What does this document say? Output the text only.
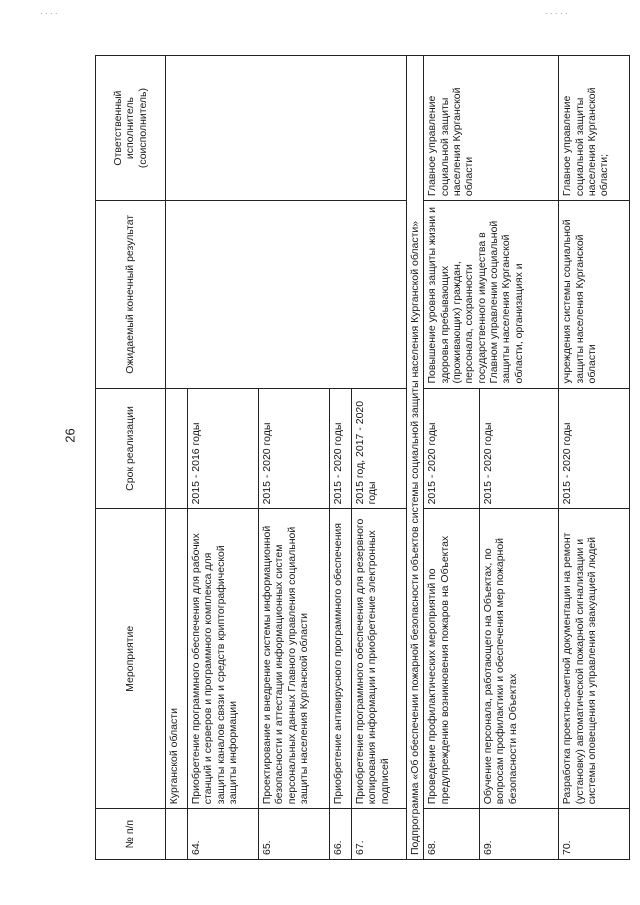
. . . .	. . . . .
26
№ п/п	Мероприятие	Срок реализации	Ожидаемый конечный результат	Ответственный исполнитель (соисполнитель)
	Курганской области			
64.	Приобретение программного обеспечения для рабочих станций и серверов и программного комплекса для защиты каналов связи и средств криптографической защиты информации	2015 - 2016 годы		
65.	Проектирование и внедрение системы информационной безопасности и аттестации информационных систем персональных данных Главного управления социальной защиты населения Курганской области	2015 - 2020 годы		
66.	Приобретение антивирусного программного обеспечения	2015 - 2020 годы		
67.	Приобретение программного обеспечения для резервного копирования информации и приобретение электронных подписей	2015 год, 2017 - 2020 годы		
Подпрограмма «Об обеспечении пожарной безопасности объектов системы социальной защиты населения Курганской области»				
68.	Проведение профилактических мероприятий по предупреждению возникновения пожаров на Объектах	2015 - 2020 годы	Повышение уровня защиты жизни и здоровья пребывающих (проживающих) граждан, персонала, сохранности государственного имущества в Главном управлении социальной защиты населения Курганской области, организациях и	Главное управление социальной защиты населения Курганской области
69.	Обучение персонала, работающего на Объектах, по вопросам профилактики и обеспечения мер пожарной безопасности на Объектах	2015 - 2020 годы		
70.	Разработка проектно-сметной документации на ремонт (установку) автоматической пожарной сигнализации и системы оповещения и управления эвакуацией людей	2015 - 2020 годы	учреждения системы социальной защиты населения Курганской области	Главное управление социальной защиты населения Курганской области;
